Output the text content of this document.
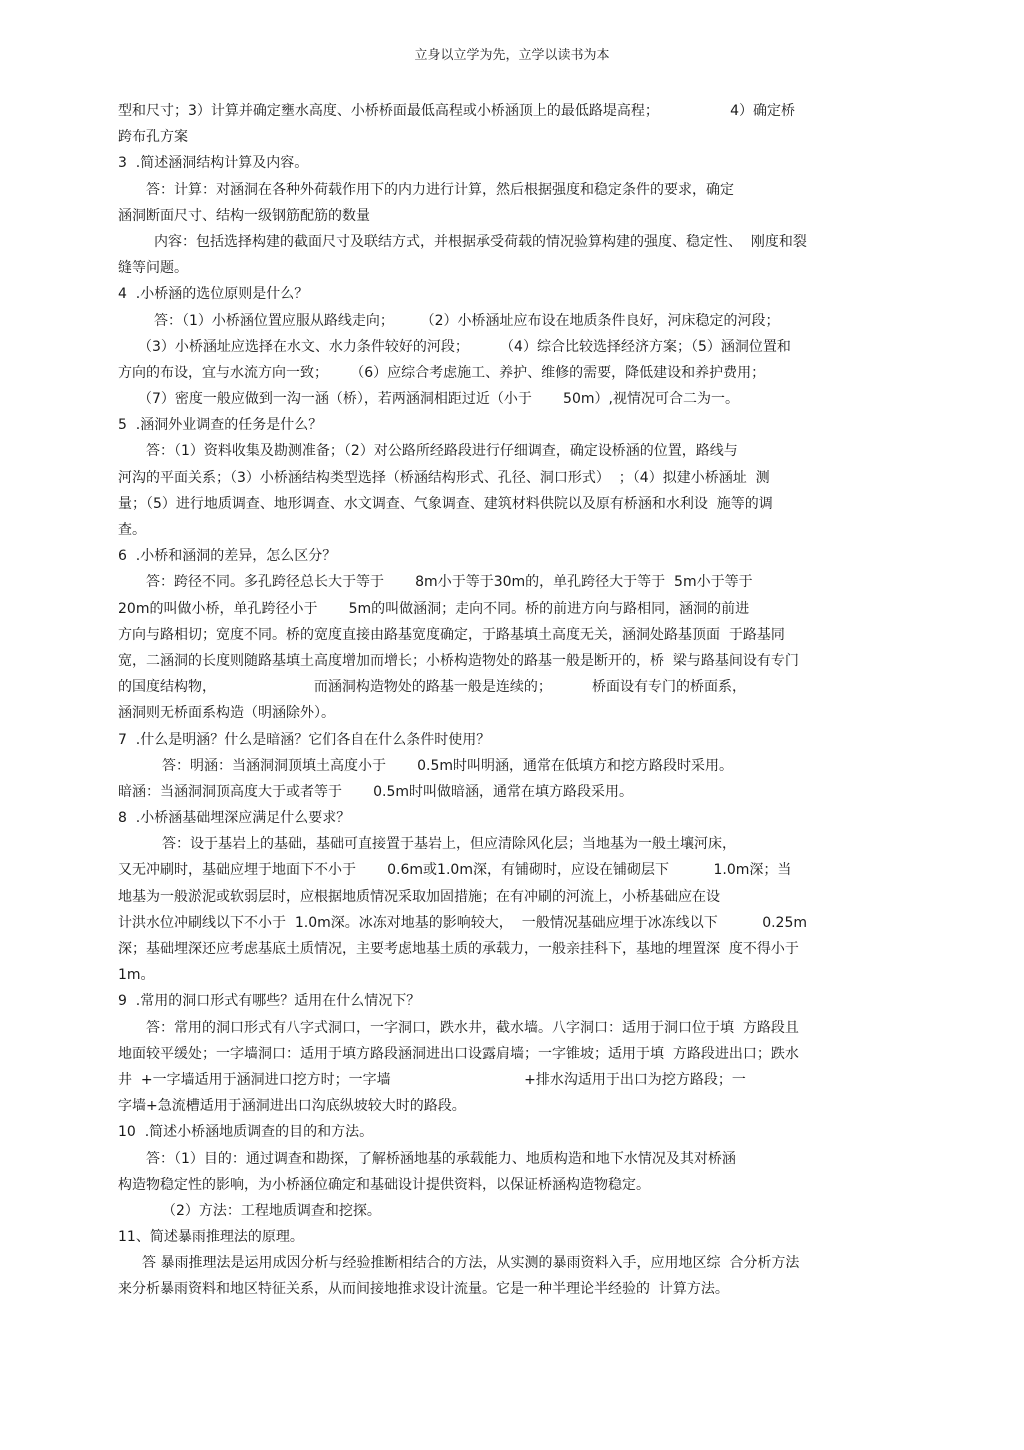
立身以立学为先，立学以读书为本
型和尺寸；3）计算并确定壅水高度、小桥桥面最低高程或小桥涵顶上的最低路堤高程；                4）确定桥
跨布孔方案
3  .简述涵洞结构计算及内容。
答：计算：对涵洞在各种外荷载作用下的内力进行计算，然后根据强度和稳定条件的要求，确定
涵洞断面尺寸、结构一级钢筋配筋的数量
内容：包括选择构建的截面尺寸及联结方式，并根据承受荷载的情况验算构建的强度、稳定性、  刚度和裂
缝等问题。
4  .小桥涵的选位原则是什么？
答：（1）小桥涵位置应服从路线走向；      （2）小桥涵址应布设在地质条件良好，河床稳定的河段；
（3）小桥涵址应选择在水文、水力条件较好的河段；       （4）综合比较选择经济方案；（5）涵洞位置和
方向的布设，宜与水流方向一致；     （6）应综合考虑施工、养护、维修的需要，降低建设和养护费用；
（7）密度一般应做到一沟一涵（桥），若两涵洞相距过近（小于       50m）,视情况可合二为一。
5  .涵洞外业调查的任务是什么？
答：（1）资料收集及勘测准备；（2）对公路所经路段进行仔细调查，确定设桥涵的位置，路线与
河沟的平面关系；（3）小桥涵结构类型选择（桥涵结构形式、孔径、洞口形式）  ；（4）拟建小桥涵址  测
量；（5）进行地质调查、地形调查、水文调查、气象调查、建筑材料供院以及原有桥涵和水利设  施等的调
查。
6  .小桥和涵洞的差异，怎么区分？
答：跨径不同。多孔跨径总长大于等于       8m小于等于30m的，单孔跨径大于等于  5m小于等于
20m的叫做小桥，单孔跨径小于       5m的叫做涵洞；走向不同。桥的前进方向与路相同，涵洞的前进
方向与路相切；宽度不同。桥的宽度直接由路基宽度确定，于路基填土高度无关，涵洞处路基顶面  于路基同
宽，二涵洞的长度则随路基填土高度增加而增长；小桥构造物处的路基一般是断开的，桥  梁与路基间设有专门
的国度结构物，                      而涵洞构造物处的路基一般是连续的；         桥面设有专门的桥面系，
涵洞则无桥面系构造（明涵除外）。
7  .什么是明涵？什么是暗涵？它们各自在什么条件时使用？
答：明涵：当涵洞洞顶填土高度小于       0.5m时叫明涵，通常在低填方和挖方路段时采用。
暗涵：当涵洞洞顶高度大于或者等于       0.5m时叫做暗涵，通常在填方路段采用。
8  .小桥涵基础埋深应满足什么要求？
答：设于基岩上的基础，基础可直接置于基岩上，但应清除风化层；当地基为一般土壤河床，
又无冲刷时，基础应埋于地面下不小于       0.6m或1.0m深，有铺砌时，应设在铺砌层下          1.0m深；当
地基为一般淤泥或软弱层时，应根据地质情况采取加固措施；在有冲刷的河流上，小桥基础应在设
计洪水位冲刷线以下不小于  1.0m深。冰冻对地基的影响较大，  一般情况基础应埋于冰冻线以下          0.25m
深；基础埋深还应考虑基底土质情况，主要考虑地基土质的承载力，一般亲挂科下，基地的埋置深  度不得小于
1m。
9  .常用的洞口形式有哪些？适用在什么情况下？
答：常用的洞口形式有八字式洞口，一字洞口，跌水井，截水墙。八字洞口：适用于洞口位于填  方路段且
地面较平缓处；一字墙洞口：适用于填方路段涵洞进出口设露肩墙；一字锥坡；适用于填  方路段进出口；跌水
井  +一字墙适用于涵洞进口挖方时；一字墙                              +排水沟适用于出口为挖方路段；一
字墙+急流槽适用于涵洞进出口沟底纵坡较大时的路段。
10  .简述小桥涵地质调查的目的和方法。
答：（1）目的：通过调查和勘探，了解桥涵地基的承载能力、地质构造和地下水情况及其对桥涵
构造物稳定性的影响，为小桥涵位确定和基础设计提供资料，以保证桥涵构造物稳定。
（2）方法：工程地质调查和挖探。
11、简述暴雨推理法的原理。
答 暴雨推理法是运用成因分析与经验推断相结合的方法，从实测的暴雨资料入手，应用地区综  合分析方法
来分析暴雨资料和地区特征关系，从而间接地推求设计流量。它是一种半理论半经验的  计算方法。
